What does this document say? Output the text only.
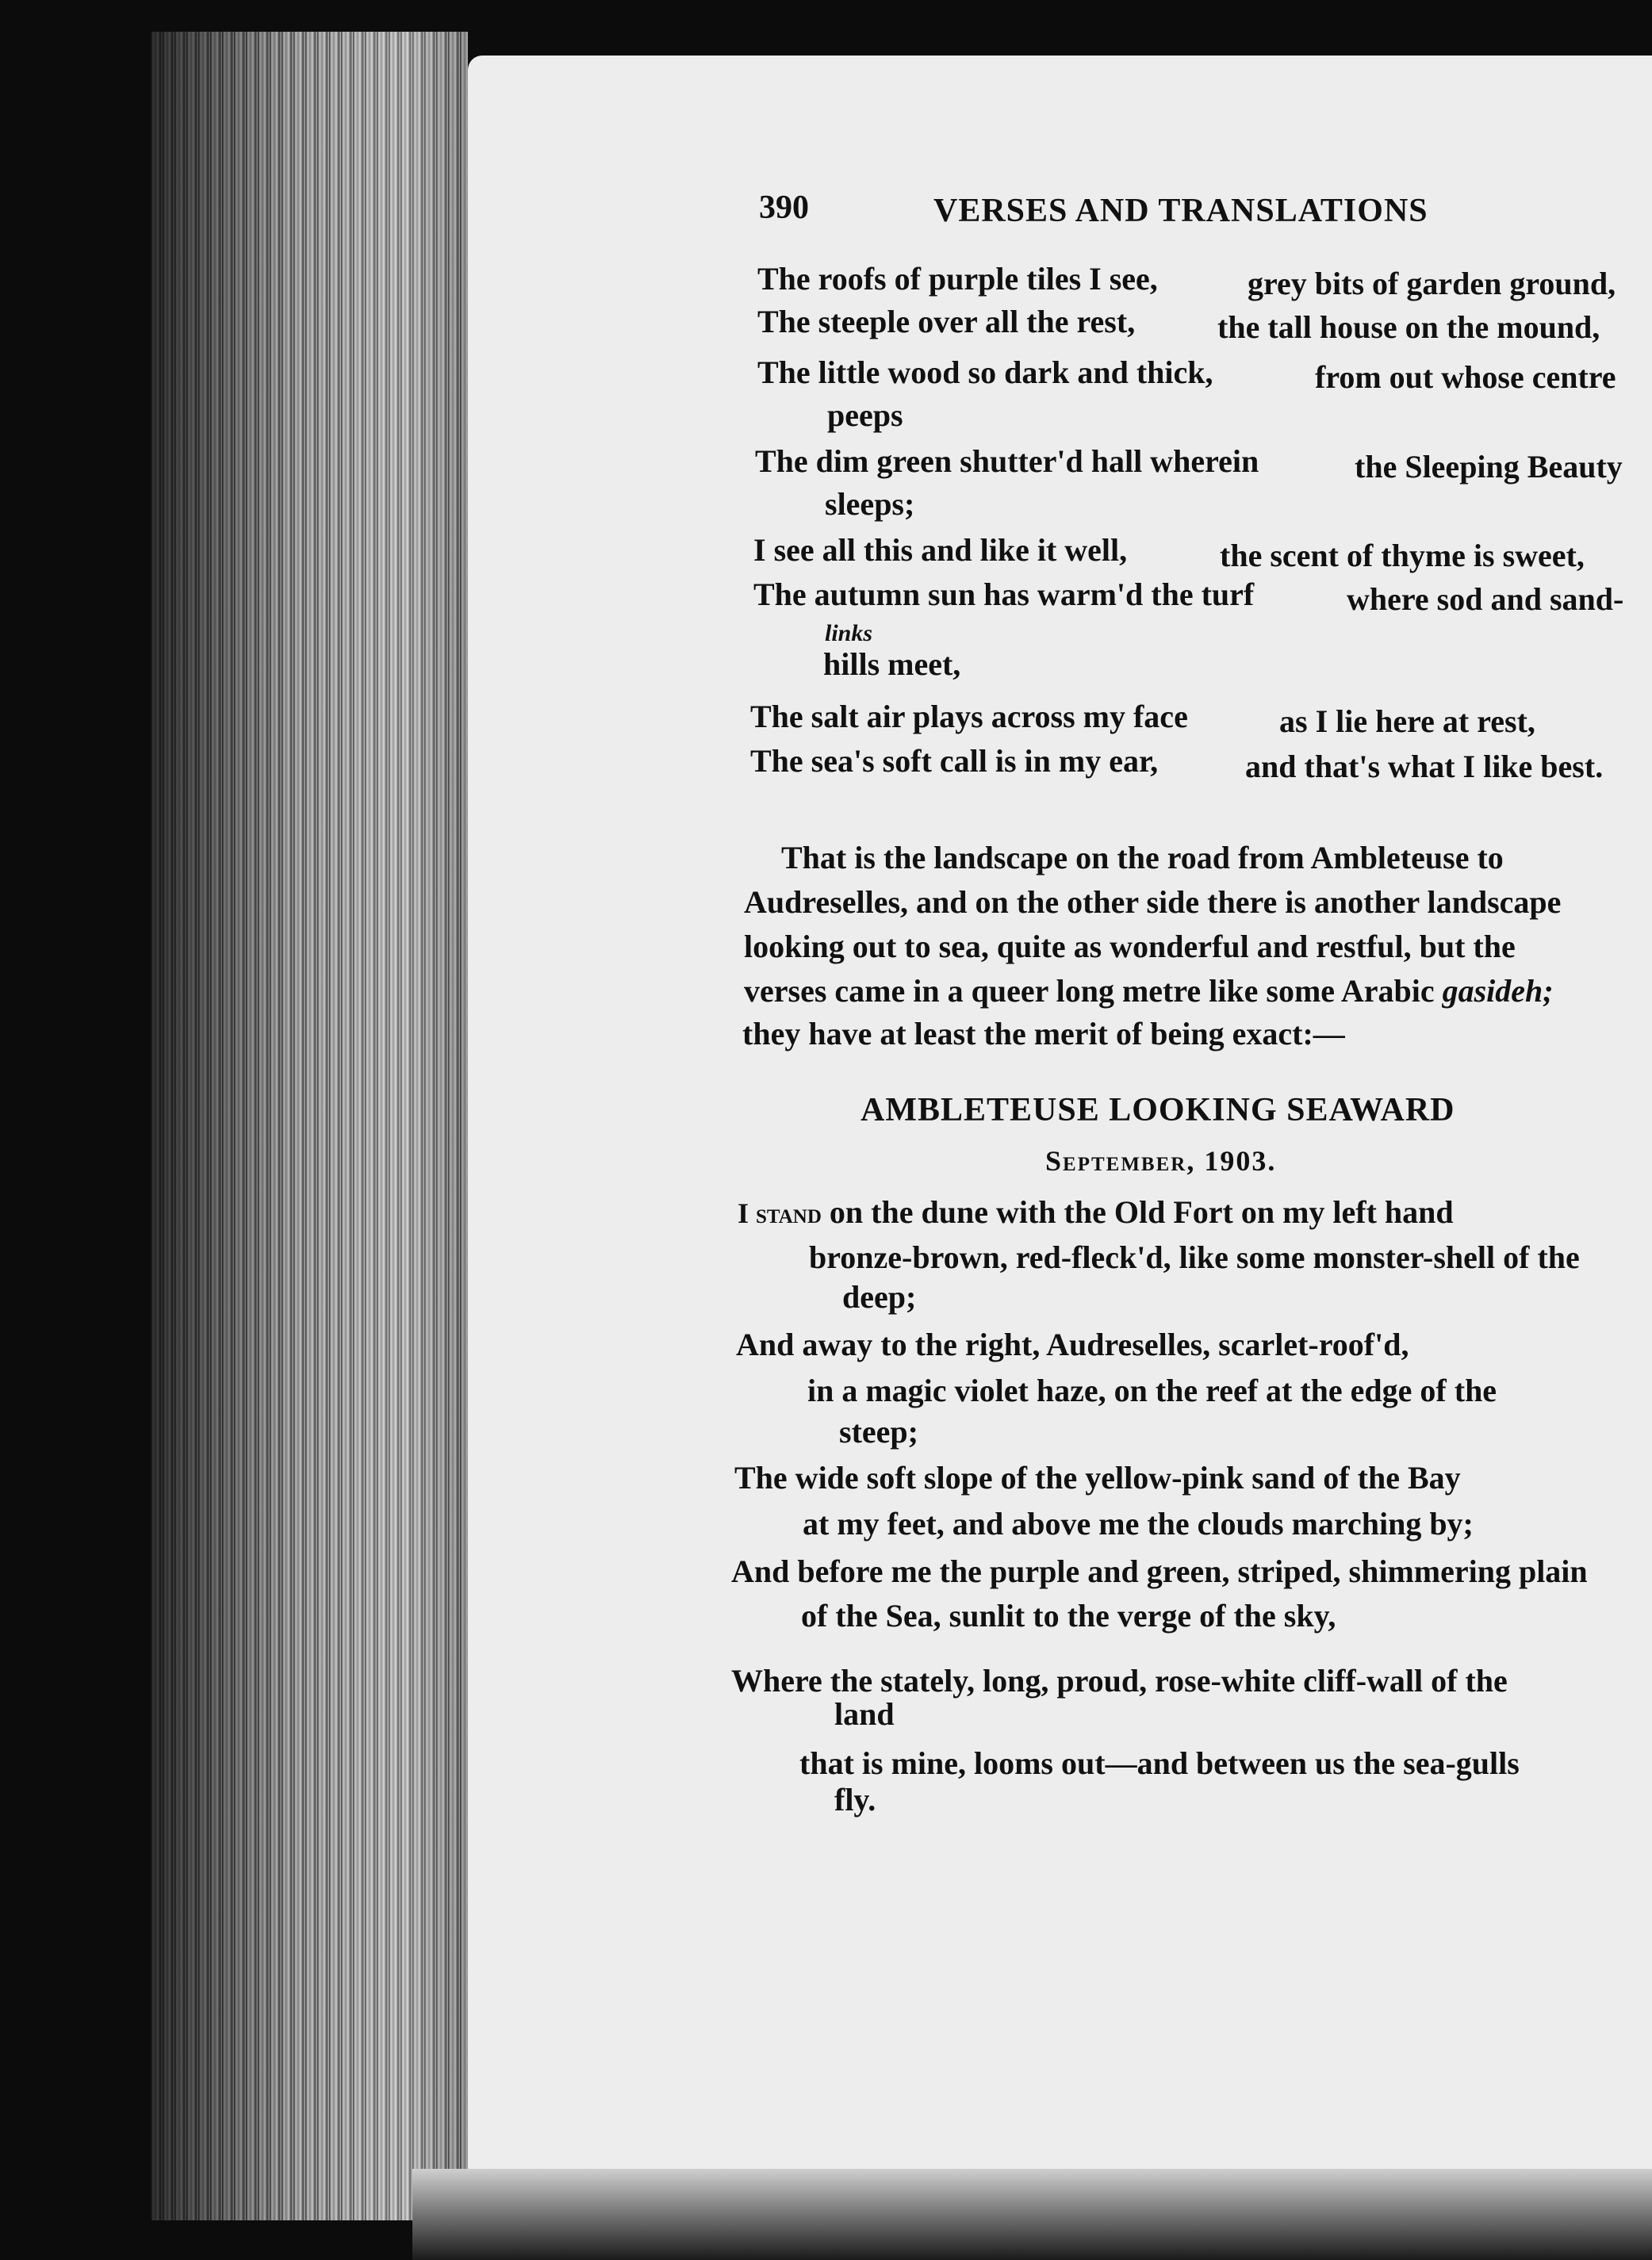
390	VERSES AND TRANSLATIONS
The roofs of purple tiles I see,	grey bits of garden ground,
The steeple over all the rest,	the tall house on the mound,
The little wood so dark and thick,	from out whose centre
peeps
The dim green shutter'd hall wherein	the Sleeping Beauty
sleeps;
I see all this and like it well,	the scent of thyme is sweet,
The autumn sun has warm'd the turf	where sod and sand-
links
hills meet,
The salt air plays across my face	as I lie here at rest,
The sea's soft call is in my ear,	and that's what I like best.
That is the landscape on the road from Ambleteuse to
Audreselles, and on the other side there is another landscape
looking out to sea, quite as wonderful and restful, but the
verses came in a queer long metre like some Arabic gasideh;
they have at least the merit of being exact:—
AMBLETEUSE LOOKING SEAWARD
September, 1903.
I stand on the dune with the Old Fort on my left hand
bronze-brown, red-fleck'd, like some monster-shell of the
deep;
And away to the right, Audreselles, scarlet-roof'd,
in a magic violet haze, on the reef at the edge of the
steep;
The wide soft slope of the yellow-pink sand of the Bay
at my feet, and above me the clouds marching by;
And before me the purple and green, striped, shimmering plain
of the Sea, sunlit to the verge of the sky,
Where the stately, long, proud, rose-white cliff-wall of the
land
that is mine, looms out—and between us the sea-gulls
fly.
